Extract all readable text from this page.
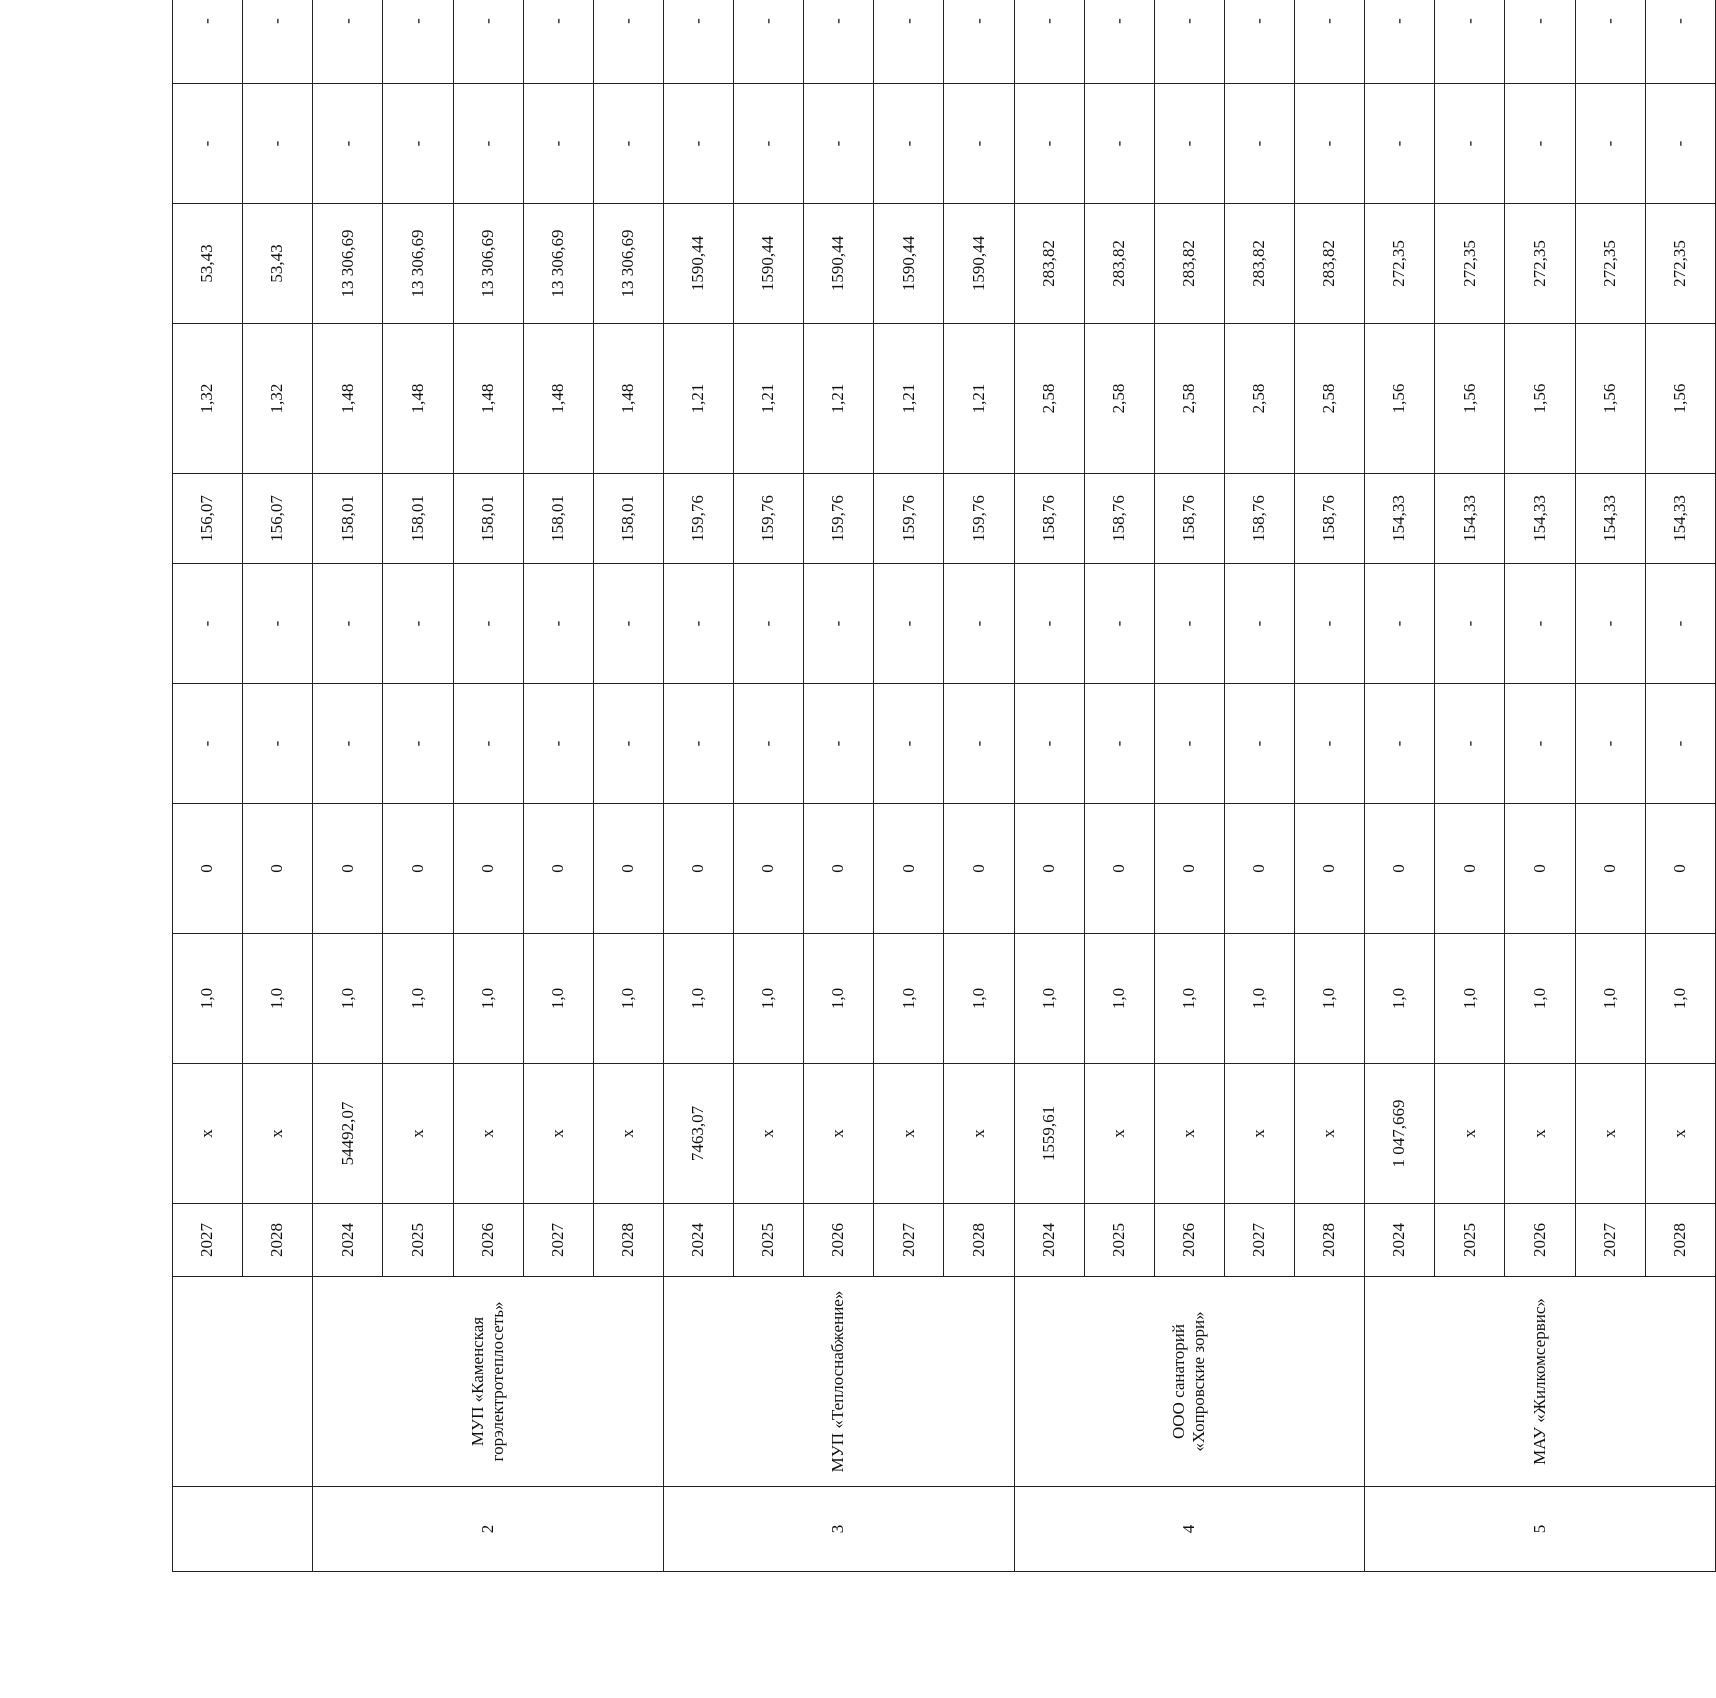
		2027	x	1,0	0	-	-	156,07	1,32	53,43	-	-
		2028	x	1,0	0	-	-	156,07	1,32	53,43	-	-
2	МУП «Каменская горэлектротеплосеть»	2024	54492,07	1,0	0	-	-	158,01	1,48	13 306,69	-	-
		2025	x	1,0	0	-	-	158,01	1,48	13 306,69	-	-
		2026	x	1,0	0	-	-	158,01	1,48	13 306,69	-	-
		2027	x	1,0	0	-	-	158,01	1,48	13 306,69	-	-
		2028	x	1,0	0	-	-	158,01	1,48	13 306,69	-	-
3	МУП «Теплоснабжение»	2024	7463,07	1,0	0	-	-	159,76	1,21	1590,44	-	-
		2025	x	1,0	0	-	-	159,76	1,21	1590,44	-	-
		2026	x	1,0	0	-	-	159,76	1,21	1590,44	-	-
		2027	x	1,0	0	-	-	159,76	1,21	1590,44	-	-
		2028	x	1,0	0	-	-	159,76	1,21	1590,44	-	-
4	ООО санаторий «Хопровские зори»	2024	1559,61	1,0	0	-	-	158,76	2,58	283,82	-	-
		2025	x	1,0	0	-	-	158,76	2,58	283,82	-	-
		2026	x	1,0	0	-	-	158,76	2,58	283,82	-	-
		2027	x	1,0	0	-	-	158,76	2,58	283,82	-	-
		2028	x	1,0	0	-	-	158,76	2,58	283,82	-	-
5	МАУ «Жилкомсервис»	2024	1 047,669	1,0	0	-	-	154,33	1,56	272,35	-	-
		2025	x	1,0	0	-	-	154,33	1,56	272,35	-	-
		2026	x	1,0	0	-	-	154,33	1,56	272,35	-	-
		2027	x	1,0	0	-	-	154,33	1,56	272,35	-	-
		2028	x	1,0	0	-	-	154,33	1,56	272,35	-	-
